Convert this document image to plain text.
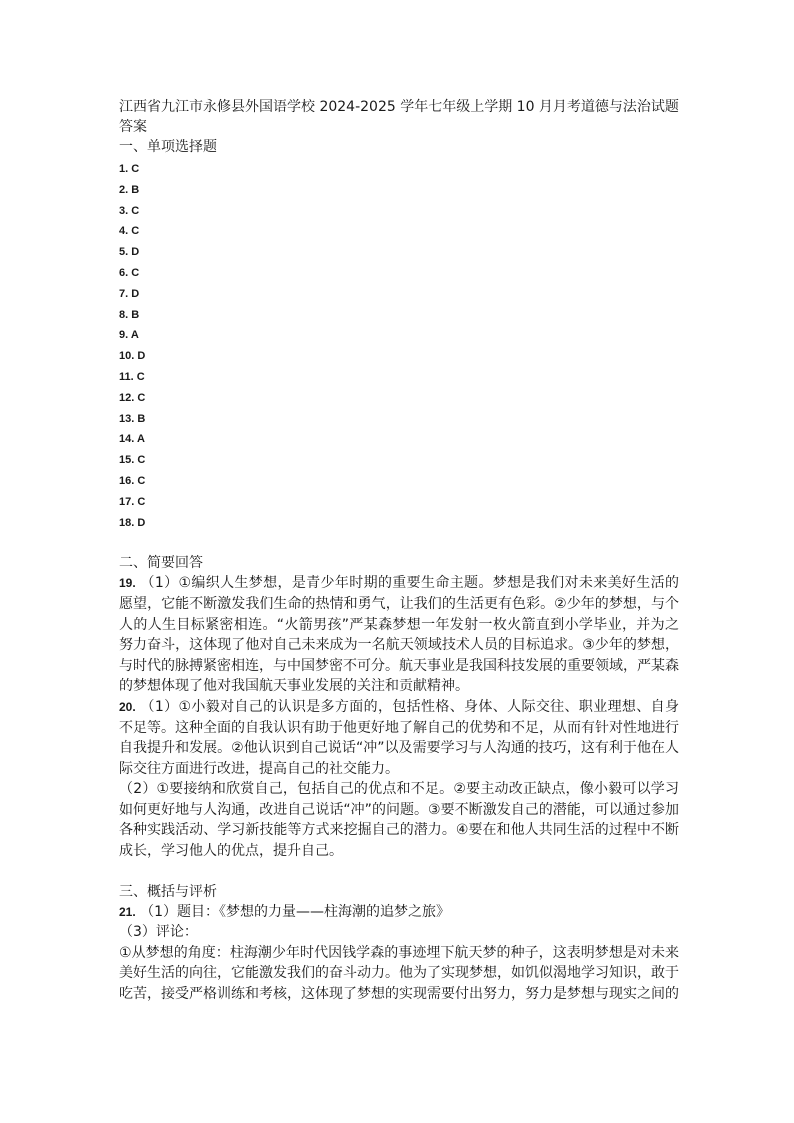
江西省九江市永修县外国语学校 2024-2025 学年七年级上学期 10 月月考道德与法治试题答案

一、单项选择题

1. C
2. B
3. C
4. C
5. D
6. C
7. D
8. B
9. A
10. D
11. C
12. C
13. B
14. A
15. C
16. C
17. C
18. D

二、简要回答

19. （1）①编织人生梦想，是青少年时期的重要生命主题。梦想是我们对未来美好生活的愿望，它能不断激发我们生命的热情和勇气，让我们的生活更有色彩。②少年的梦想，与个人的人生目标紧密相连。“火箭男孩”严某森梦想一年发射一枚火箭直到小学毕业，并为之努力奋斗，这体现了他对自己未来成为一名航天领域技术人员的目标追求。③少年的梦想，与时代的脉搏紧密相连，与中国梦密不可分。航天事业是我国科技发展的重要领域，严某森的梦想体现了他对我国航天事业发展的关注和贡献精神。

20. （1）①小毅对自己的认识是多方面的，包括性格、身体、人际交往、职业理想、自身不足等。这种全面的自我认识有助于他更好地了解自己的优势和不足，从而有针对性地进行自我提升和发展。②他认识到自己说话“冲”以及需要学习与人沟通的技巧，这有利于他在人际交往方面进行改进，提高自己的社交能力。

（2）①要接纳和欣赏自己，包括自己的优点和不足。②要主动改正缺点，像小毅可以学习如何更好地与人沟通，改进自己说话“冲”的问题。③要不断激发自己的潜能，可以通过参加各种实践活动、学习新技能等方式来挖掘自己的潜力。④要在和他人共同生活的过程中不断成长，学习他人的优点，提升自己。

三、概括与评析

21. （1）题目：《梦想的力量——柱海潮的追梦之旅》

（3）评论：

①从梦想的角度：柱海潮少年时代因钱学森的事迹埋下航天梦的种子，这表明梦想是对未来美好生活的向往，它能激发我们的奋斗动力。他为了实现梦想，如饥似渴地学习知识，敢于吃苦，接受严格训练和考核，这体现了梦想的实现需要付出努力，努力是梦想与现实之间的
